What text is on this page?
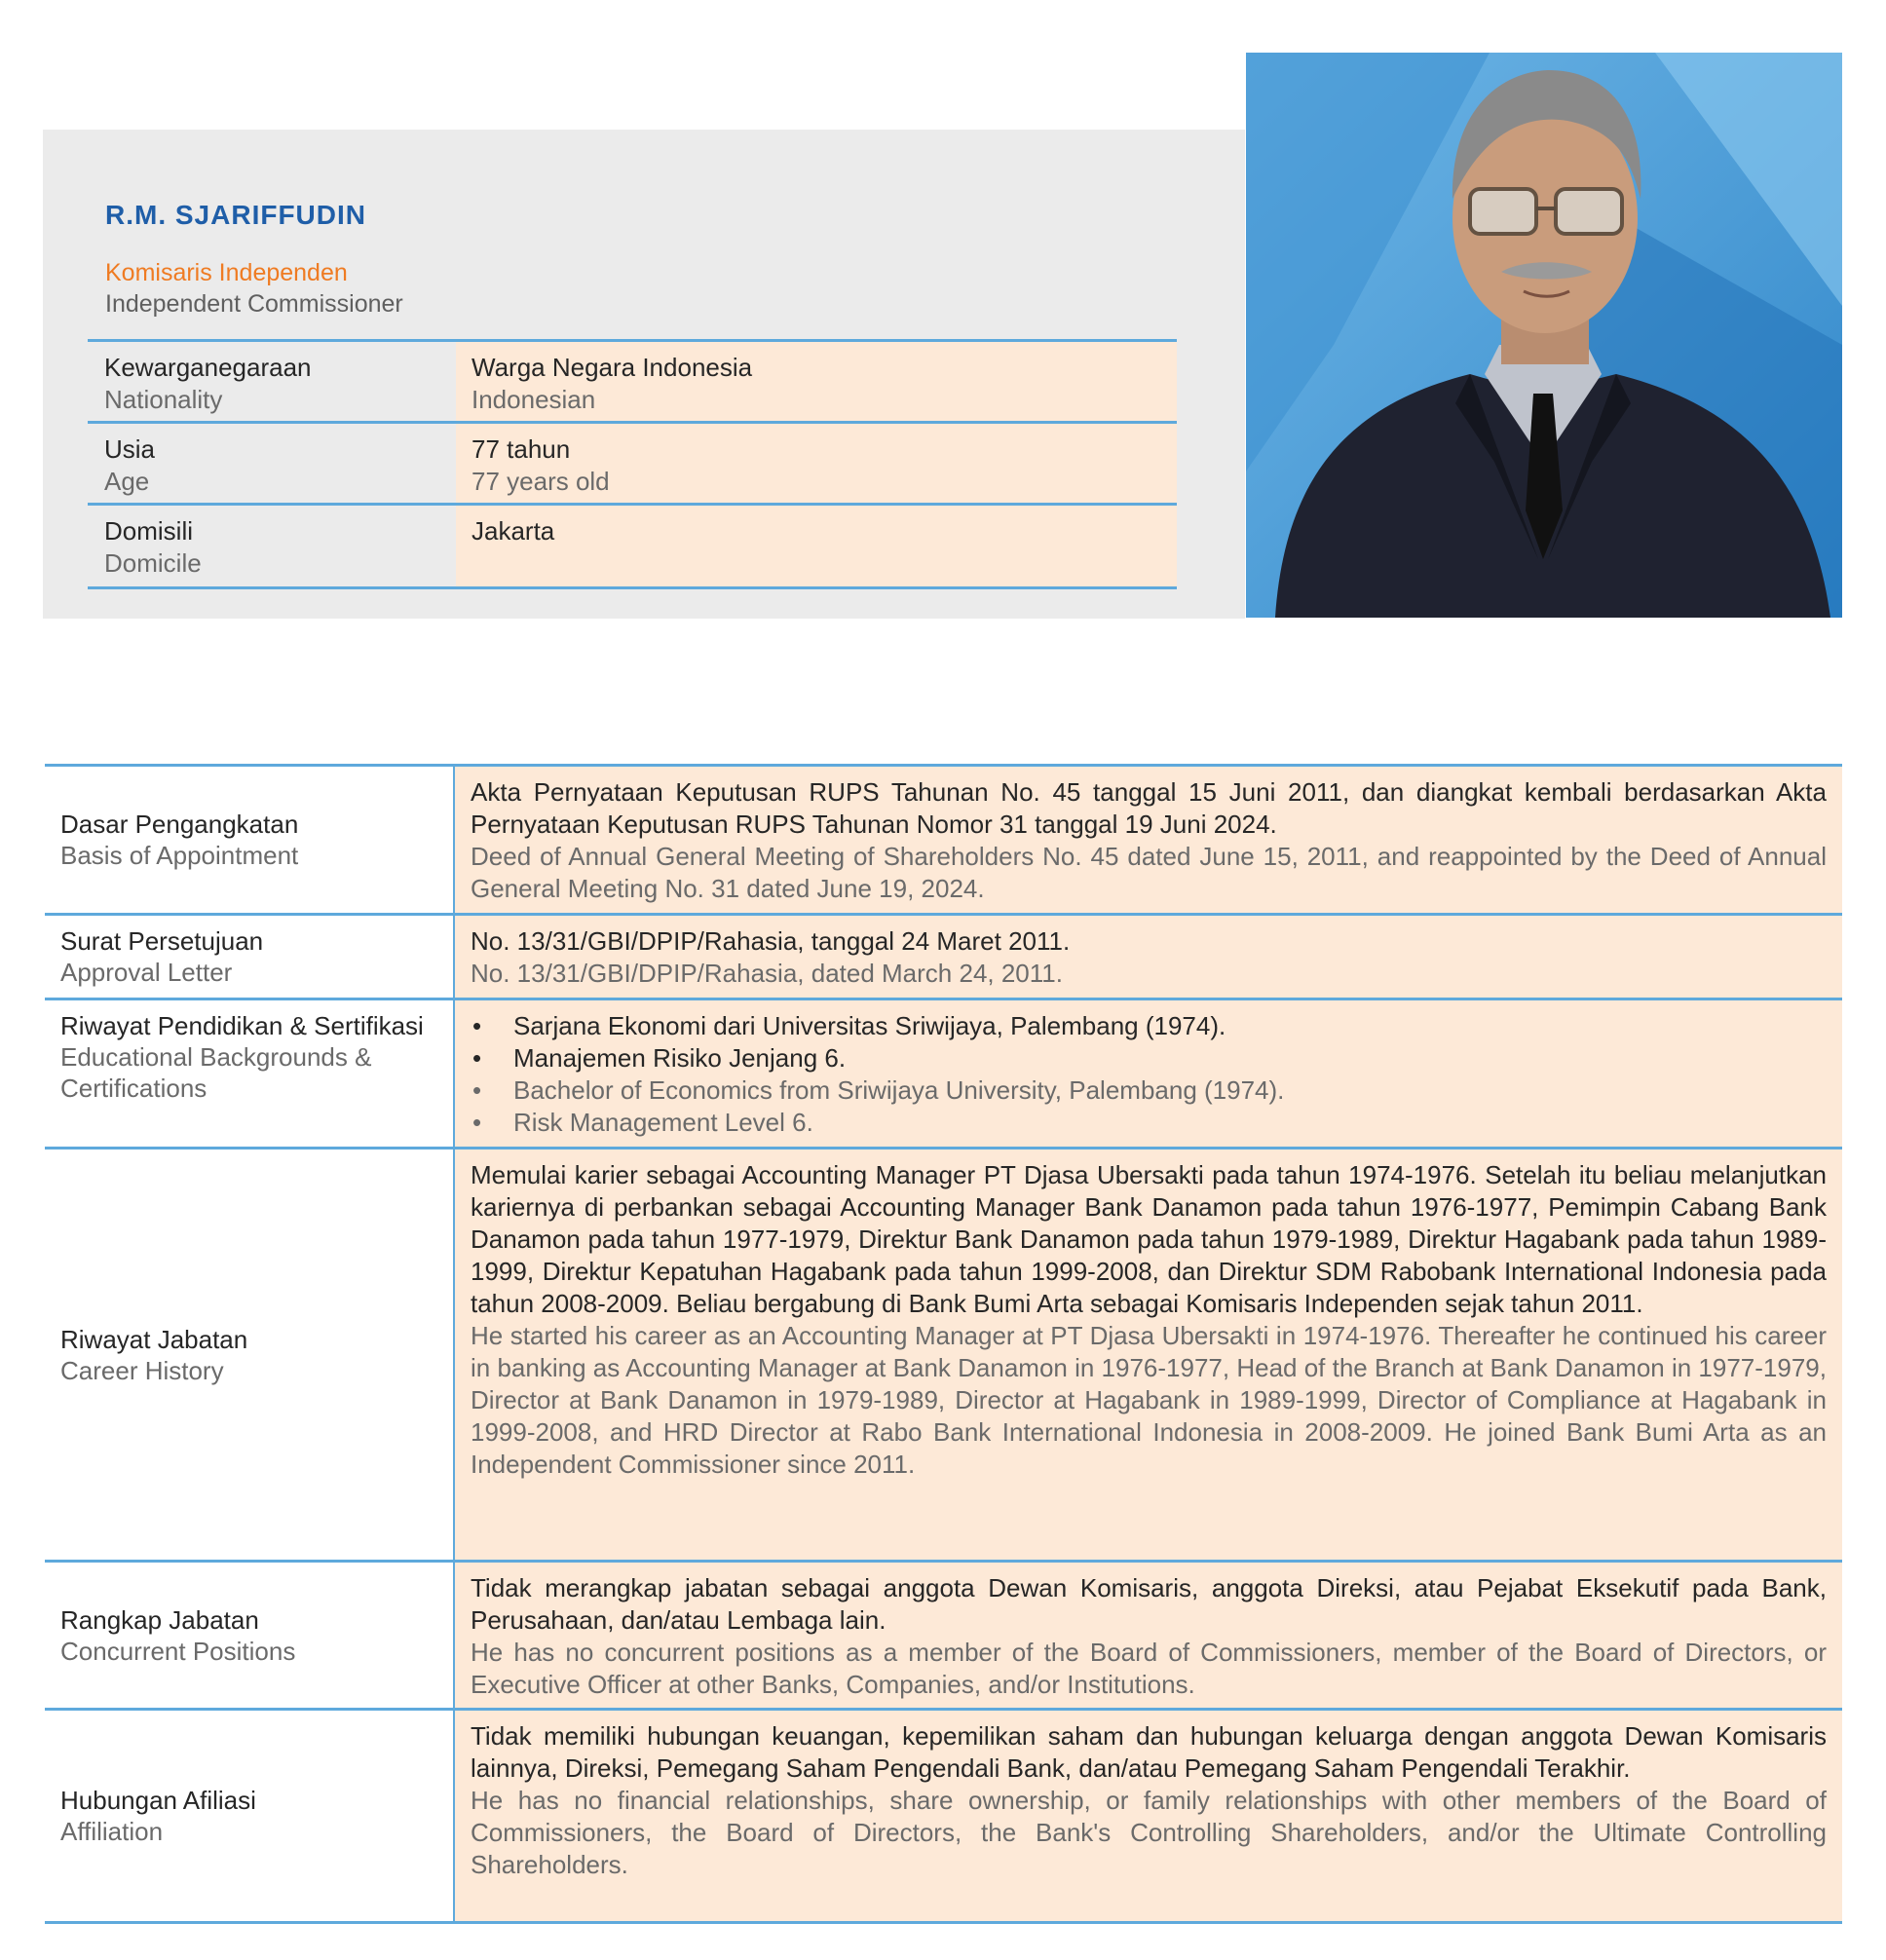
R.M. SJARIFFUDIN
Komisaris Independen
Independent Commissioner
Kewarganegaraan
Nationality
Warga Negara Indonesia
Indonesian
Usia
Age
77 tahun
77 years old
Domisili
Domicile
Jakarta
Dasar Pengangkatan
Basis of Appointment

Akta Pernyataan Keputusan RUPS Tahunan No. 45 tanggal 15 Juni 2011, dan diangkat kembali berdasarkan Akta Pernyataan Keputusan RUPS Tahunan Nomor 31 tanggal 19 Juni 2024.

Deed of Annual General Meeting of Shareholders No. 45 dated June 15, 2011, and reappointed by the Deed of Annual General Meeting No. 31 dated June 19, 2024.

Surat Persetujuan
Approval Letter

No. 13/31/GBI/DPIP/Rahasia, tanggal 24 Maret 2011.

No. 13/31/GBI/DPIP/Rahasia, dated March 24, 2011.

Riwayat Pendidikan & Sertifikasi
Educational Backgrounds & Certifications
• Sarjana Ekonomi dari Universitas Sriwijaya, Palembang (1974).
• Manajemen Risiko Jenjang 6.
• Bachelor of Economics from Sriwijaya University, Palembang (1974).
• Risk Management Level 6.
Riwayat Jabatan
Career History

Memulai karier sebagai Accounting Manager PT Djasa Ubersakti pada tahun 1974-1976. Setelah itu beliau melanjutkan kariernya di perbankan sebagai Accounting Manager Bank Danamon pada tahun 1976-1977, Pemimpin Cabang Bank Danamon pada tahun 1977-1979, Direktur Bank Danamon pada tahun 1979-1989, Direktur Hagabank pada tahun 1989-1999, Direktur Kepatuhan Hagabank pada tahun 1999-2008, dan Direktur SDM Rabobank International Indonesia pada tahun 2008-2009. Beliau bergabung di Bank Bumi Arta sebagai Komisaris Independen sejak tahun 2011.

He started his career as an Accounting Manager at PT Djasa Ubersakti in 1974-1976. Thereafter he continued his career in banking as Accounting Manager at Bank Danamon in 1976-1977, Head of the Branch at Bank Danamon in 1977-1979, Director at Bank Danamon in 1979-1989, Director at Hagabank in 1989-1999, Director of Compliance at Hagabank in 1999-2008, and HRD Director at Rabo Bank International Indonesia in 2008-2009. He joined Bank Bumi Arta as an Independent Commissioner since 2011.

Rangkap Jabatan
Concurrent Positions

Tidak merangkap jabatan sebagai anggota Dewan Komisaris, anggota Direksi, atau Pejabat Eksekutif pada Bank, Perusahaan, dan/atau Lembaga lain.

He has no concurrent positions as a member of the Board of Commissioners, member of the Board of Directors, or Executive Officer at other Banks, Companies, and/or Institutions.

Hubungan Afiliasi
Affiliation

Tidak memiliki hubungan keuangan, kepemilikan saham dan hubungan keluarga dengan anggota Dewan Komisaris lainnya, Direksi, Pemegang Saham Pengendali Bank, dan/atau Pemegang Saham Pengendali Terakhir.

He has no financial relationships, share ownership, or family relationships with other members of the Board of Commissioners, the Board of Directors, the Bank's Controlling Shareholders, and/or the Ultimate Controlling Shareholders.
